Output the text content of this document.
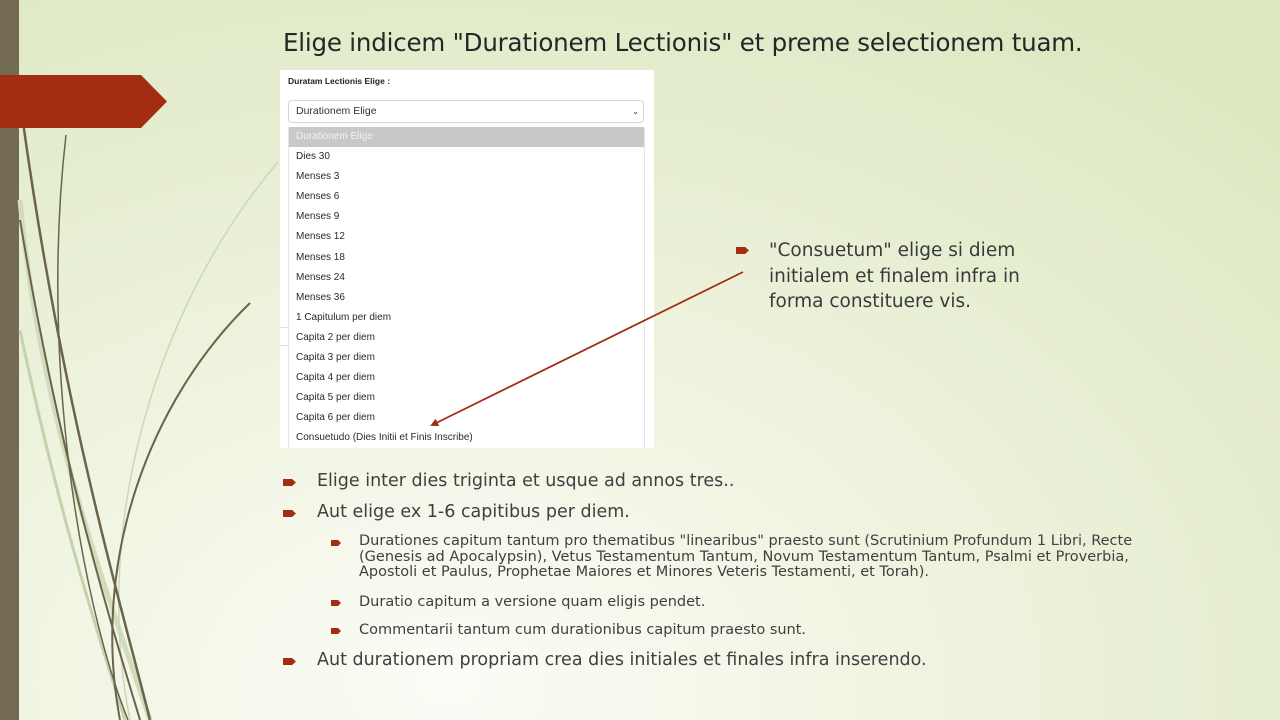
Elige indicem "Durationem Lectionis" et preme selectionem tuam.
Duratam Lectionis Elige :
Durationem Elige	⌄
Durationem Elige
Dies 30
Menses 3
Menses 6
Menses 9
Menses 12
Menses 18
Menses 24
Menses 36
1 Capitulum per diem
Capita 2 per diem
Capita 3 per diem
Capita 4 per diem
Capita 5 per diem
Capita 6 per diem
Consuetudo (Dies Initii et Finis Inscribe)
"Consuetum" elige si diem initialem et finalem infra in forma constituere vis.
Elige inter dies triginta et usque ad annos tres..
Aut elige ex 1-6 capitibus per diem.
Durationes capitum tantum pro thematibus "linearibus" praesto sunt (Scrutinium Profundum 1 Libri, Recte (Genesis ad Apocalypsin), Vetus Testamentum Tantum, Novum Testamentum Tantum, Psalmi et Proverbia, Apostoli et Paulus, Prophetae Maiores et Minores Veteris Testamenti, et Torah).
Duratio capitum a versione quam eligis pendet.
Commentarii tantum cum durationibus capitum praesto sunt.
Aut durationem propriam crea dies initiales et finales infra inserendo.
